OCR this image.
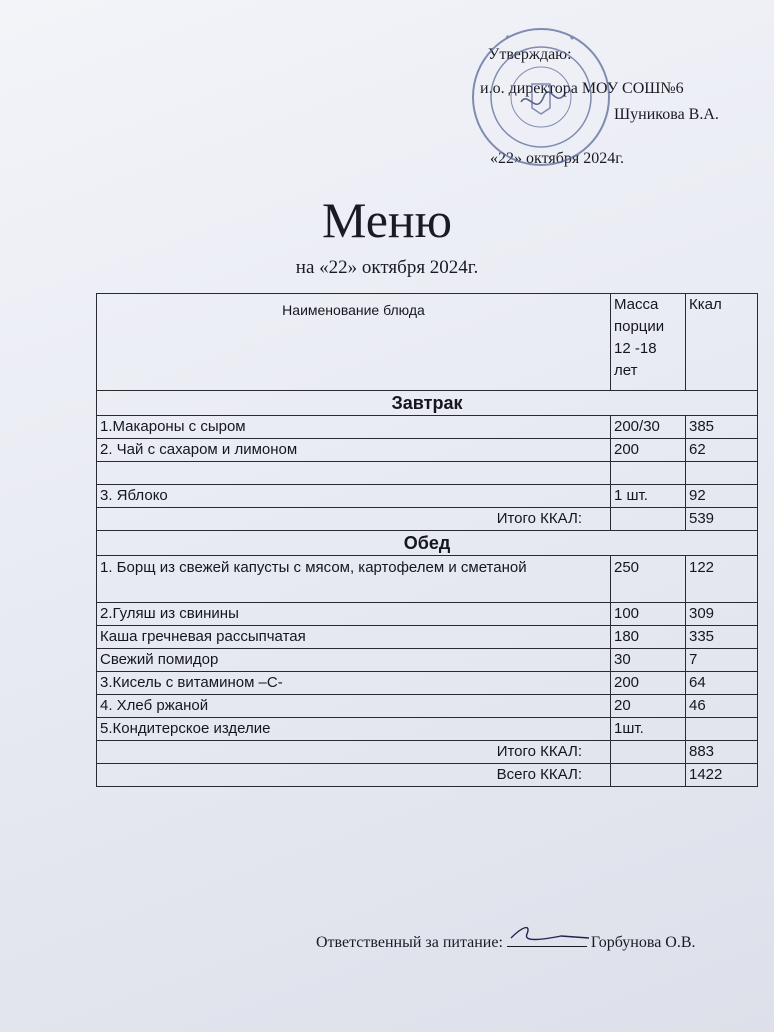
Утверждаю:
и.о. директора МОУ СОШ№6
Шуникова В.А.
«22» октября 2024г.
Меню
на «22» октября 2024г.
Наименование блюда	Масса
порции
12 -18
лет	Ккал
Завтрак		
1.Макароны с сыром	200/30	385
2. Чай с сахаром и лимоном	200	62

3. Яблоко	1 шт.	92
Итого ККАЛ:		539
Обед		
1. Борщ из свежей капусты с мясом, картофелем и сметаной	250	122
2.Гуляш из свинины	100	309
Каша гречневая рассыпчатая	180	335
Свежий помидор	30	7
3.Кисель с витамином –С-	200	64
4. Хлеб ржаной	20	46
5.Кондитерское изделие	1шт.	
Итого ККАЛ:		883
Всего ККАЛ:		1422
Ответственный за питание:	Горбунова О.В.
